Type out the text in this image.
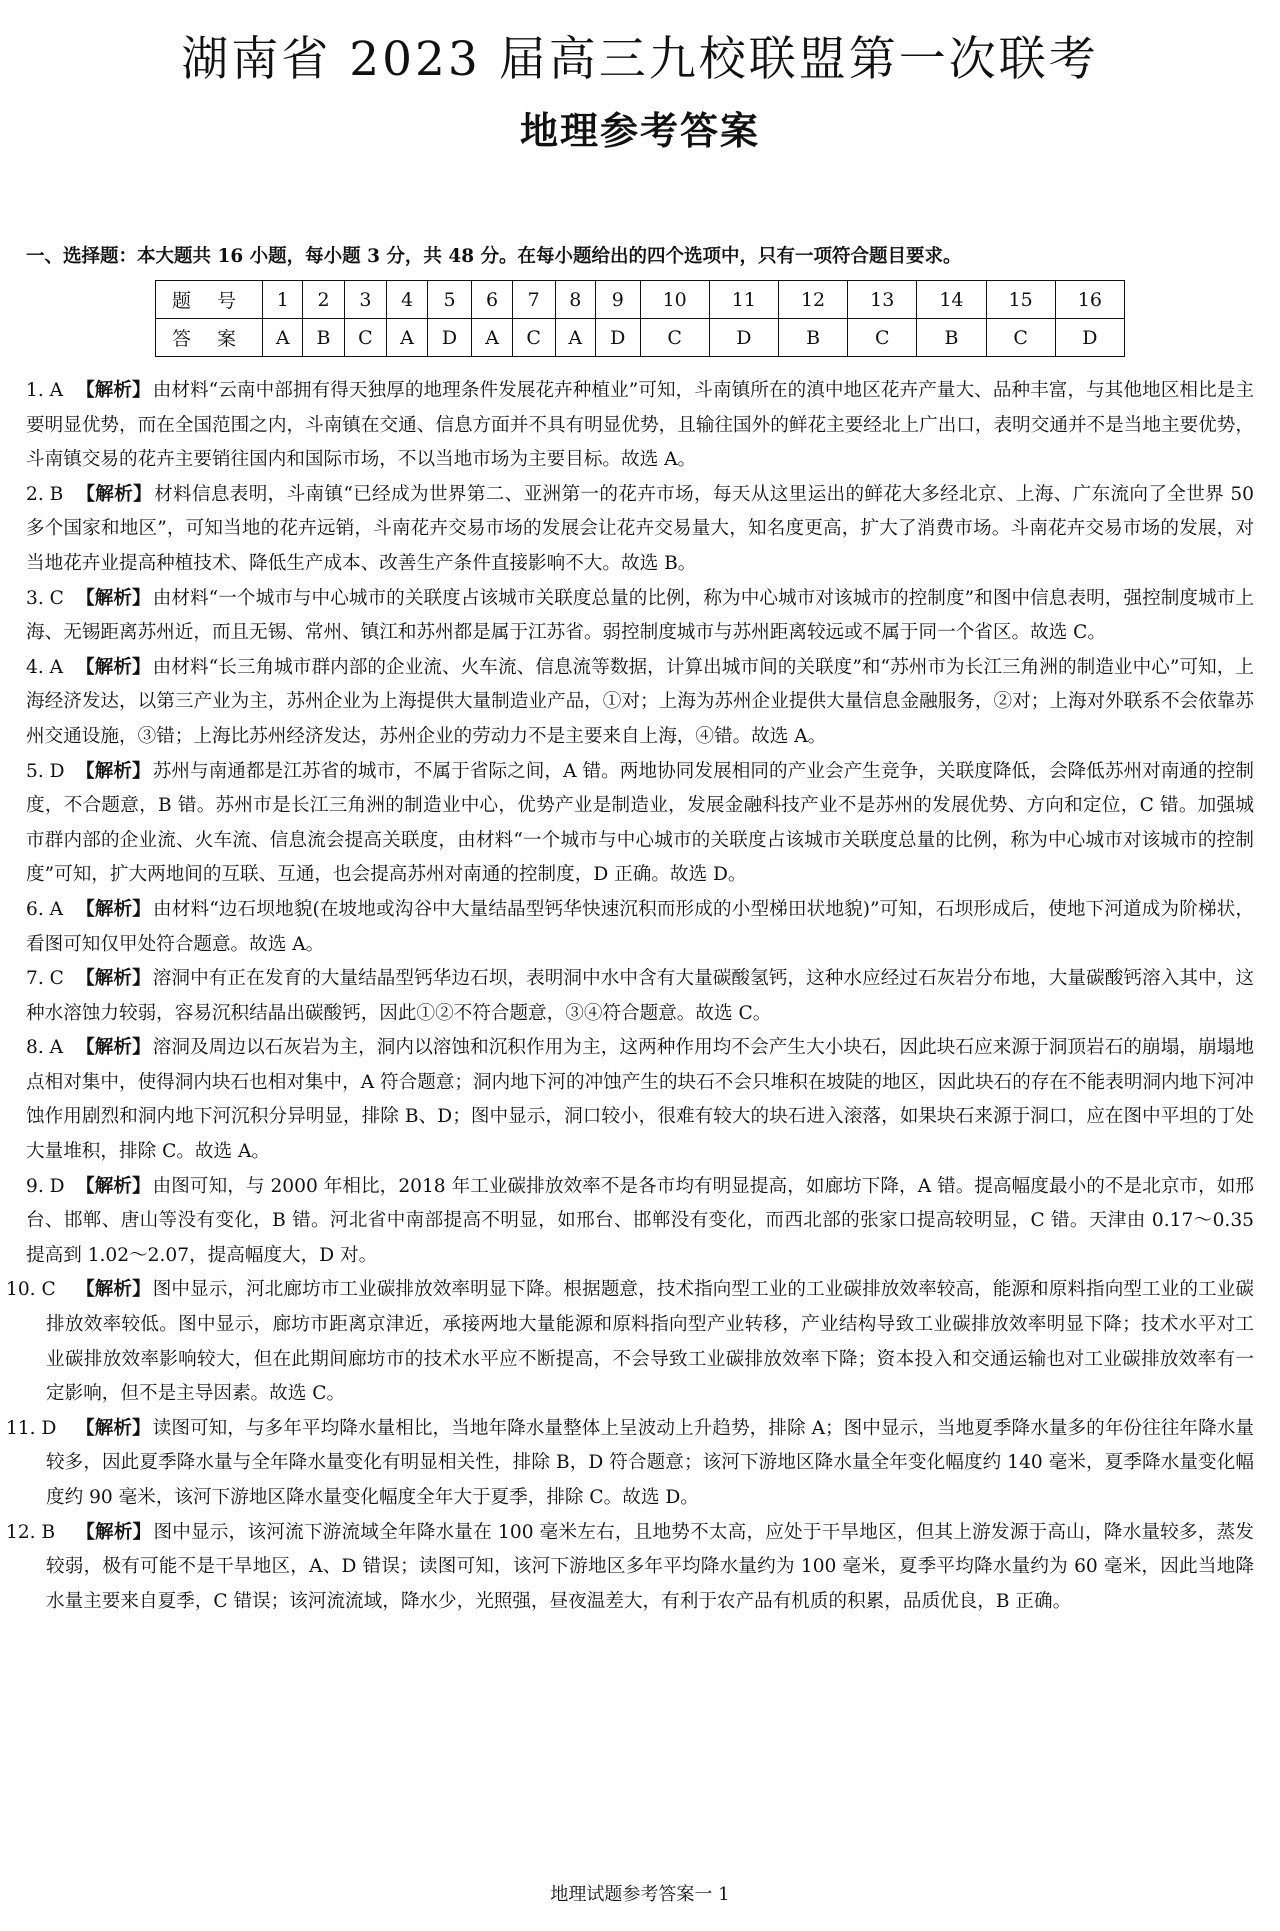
湖南省 2023 届高三九校联盟第一次联考
地理参考答案
一、选择题：本大题共 16 小题，每小题 3 分，共 48 分。在每小题给出的四个选项中，只有一项符合题目要求。
题 号	1	2	3	4	5	6	7	8	9	10	11	12	13	14	15	16
答 案	A	B	C	A	D	A	C	A	D	C	D	B	C	B	C	D

1. A 【解析】 由材料“云南中部拥有得天独厚的地理条件发展花卉种植业”可知，斗南镇所在的滇中地区花卉产量大、品种丰富，与其他地区相比是主要明显优势，而在全国范围之内，斗南镇在交通、信息方面并不具有明显优势，且输往国外的鲜花主要经北上广出口，表明交通并不是当地主要优势，斗南镇交易的花卉主要销往国内和国际市场，不以当地市场为主要目标。故选 A。

2. B 【解析】 材料信息表明，斗南镇“已经成为世界第二、亚洲第一的花卉市场，每天从这里运出的鲜花大多经北京、上海、广东流向了全世界 50 多个国家和地区”，可知当地的花卉远销，斗南花卉交易市场的发展会让花卉交易量大，知名度更高，扩大了消费市场。斗南花卉交易市场的发展，对当地花卉业提高种植技术、降低生产成本、改善生产条件直接影响不大。故选 B。

3. C 【解析】 由材料“一个城市与中心城市的关联度占该城市关联度总量的比例，称为中心城市对该城市的控制度”和图中信息表明，强控制度城市上海、无锡距离苏州近，而且无锡、常州、镇江和苏州都是属于江苏省。弱控制度城市与苏州距离较远或不属于同一个省区。故选 C。

4. A 【解析】 由材料“长三角城市群内部的企业流、火车流、信息流等数据，计算出城市间的关联度”和“苏州市为长江三角洲的制造业中心”可知，上海经济发达，以第三产业为主，苏州企业为上海提供大量制造业产品，①对；上海为苏州企业提供大量信息金融服务，②对；上海对外联系不会依靠苏州交通设施，③错；上海比苏州经济发达，苏州企业的劳动力不是主要来自上海，④错。故选 A。

5. D 【解析】 苏州与南通都是江苏省的城市，不属于省际之间，A 错。两地协同发展相同的产业会产生竞争，关联度降低，会降低苏州对南通的控制度，不合题意，B 错。苏州市是长江三角洲的制造业中心，优势产业是制造业，发展金融科技产业不是苏州的发展优势、方向和定位，C 错。加强城市群内部的企业流、火车流、信息流会提高关联度，由材料“一个城市与中心城市的关联度占该城市关联度总量的比例，称为中心城市对该城市的控制度”可知，扩大两地间的互联、互通，也会提高苏州对南通的控制度，D 正确。故选 D。

6. A 【解析】 由材料“边石坝地貌(在坡地或沟谷中大量结晶型钙华快速沉积而形成的小型梯田状地貌)”可知，石坝形成后，使地下河道成为阶梯状，看图可知仅甲处符合题意。故选 A。

7. C 【解析】 溶洞中有正在发育的大量结晶型钙华边石坝，表明洞中水中含有大量碳酸氢钙，这种水应经过石灰岩分布地，大量碳酸钙溶入其中，这种水溶蚀力较弱，容易沉积结晶出碳酸钙，因此①②不符合题意，③④符合题意。故选 C。

8. A 【解析】 溶洞及周边以石灰岩为主，洞内以溶蚀和沉积作用为主，这两种作用均不会产生大小块石，因此块石应来源于洞顶岩石的崩塌，崩塌地点相对集中，使得洞内块石也相对集中，A 符合题意；洞内地下河的冲蚀产生的块石不会只堆积在坡陡的地区，因此块石的存在不能表明洞内地下河冲蚀作用剧烈和洞内地下河沉积分异明显，排除 B、D；图中显示，洞口较小，很难有较大的块石进入滚落，如果块石来源于洞口，应在图中平坦的丁处大量堆积，排除 C。故选 A。

9. D 【解析】 由图可知，与 2000 年相比，2018 年工业碳排放效率不是各市均有明显提高，如廊坊下降，A 错。提高幅度最小的不是北京市，如邢台、邯郸、唐山等没有变化，B 错。河北省中南部提高不明显，如邢台、邯郸没有变化，而西北部的张家口提高较明显，C 错。天津由 0.17～0.35 提高到 1.02～2.07，提高幅度大，D 对。

10. C 【解析】 图中显示，河北廊坊市工业碳排放效率明显下降。根据题意，技术指向型工业的工业碳排放效率较高，能源和原料指向型工业的工业碳排放效率较低。图中显示，廊坊市距离京津近，承接两地大量能源和原料指向型产业转移，产业结构导致工业碳排放效率明显下降；技术水平对工业碳排放效率影响较大，但在此期间廊坊市的技术水平应不断提高，不会导致工业碳排放效率下降；资本投入和交通运输也对工业碳排放效率有一定影响，但不是主导因素。故选 C。

11. D 【解析】 读图可知，与多年平均降水量相比，当地年降水量整体上呈波动上升趋势，排除 A；图中显示，当地夏季降水量多的年份往往年降水量较多，因此夏季降水量与全年降水量变化有明显相关性，排除 B，D 符合题意；该河下游地区降水量全年变化幅度约 140 毫米，夏季降水量变化幅度约 90 毫米，该河下游地区降水量变化幅度全年大于夏季，排除 C。故选 D。

12. B 【解析】 图中显示，该河流下游流域全年降水量在 100 毫米左右，且地势不太高，应处于干旱地区，但其上游发源于高山，降水量较多，蒸发较弱，极有可能不是干旱地区，A、D 错误；读图可知，该河下游地区多年平均降水量约为 100 毫米，夏季平均降水量约为 60 毫米，因此当地降水量主要来自夏季，C 错误；该河流流域，降水少，光照强，昼夜温差大，有利于农产品有机质的积累，品质优良，B 正确。

地理试题参考答案一 1
